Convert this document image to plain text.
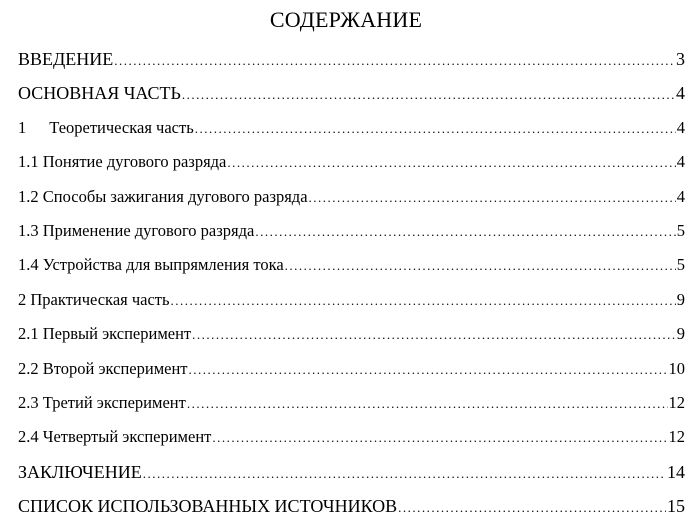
СОДЕРЖАНИЕ
ВВЕДЕНИЕ .....	3
ОСНОВНАЯ ЧАСТЬ .....	4
1 Теоретическая часть .....	4
1.1 Понятие дугового разряда .....	4
1.2 Способы зажигания дугового разряда .....	4
1.3 Применение дугового разряда .....	5
1.4 Устройства для выпрямления тока .....	5
2 Практическая часть .....	9
2.1 Первый эксперимент .....	9
2.2 Второй эксперимент .....	10
2.3 Третий эксперимент .....	12
2.4 Четвертый эксперимент .....	12
ЗАКЛЮЧЕНИЕ .....	14
СПИСОК ИСПОЛЬЗОВАННЫХ ИСТОЧНИКОВ .....	15
